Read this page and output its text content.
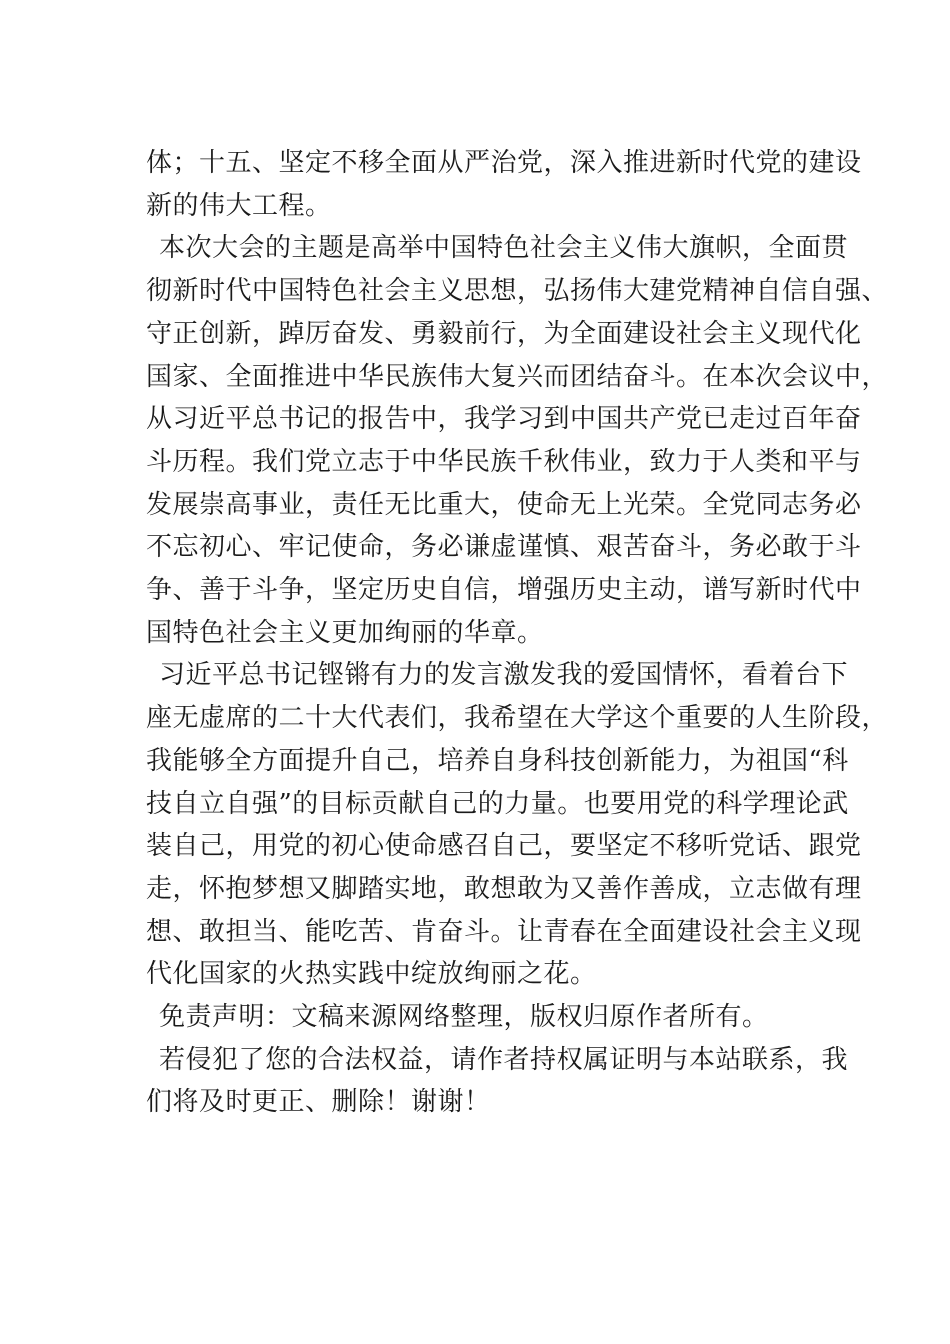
体；十五、坚定不移全面从严治党，深入推进新时代党的建设
新的伟大工程。

本次大会的主题是高举中国特色社会主义伟大旗帜，全面贯
彻新时代中国特色社会主义思想，弘扬伟大建党精神自信自强、
守正创新，踔厉奋发、勇毅前行，为全面建设社会主义现代化
国家、全面推进中华民族伟大复兴而团结奋斗。在本次会议中，
从习近平总书记的报告中，我学习到中国共产党已走过百年奋
斗历程。我们党立志于中华民族千秋伟业，致力于人类和平与
发展崇高事业，责任无比重大，使命无上光荣。全党同志务必
不忘初心、牢记使命，务必谦虚谨慎、艰苦奋斗，务必敢于斗
争、善于斗争，坚定历史自信，增强历史主动，谱写新时代中
国特色社会主义更加绚丽的华章。

习近平总书记铿锵有力的发言激发我的爱国情怀，看着台下
座无虚席的二十大代表们，我希望在大学这个重要的人生阶段，
我能够全方面提升自己，培养自身科技创新能力，为祖国“科
技自立自强”的目标贡献自己的力量。也要用党的科学理论武
装自己，用党的初心使命感召自己，要坚定不移听党话、跟党
走，怀抱梦想又脚踏实地，敢想敢为又善作善成，立志做有理
想、敢担当、能吃苦、肯奋斗。让青春在全面建设社会主义现
代化国家的火热实践中绽放绚丽之花。

免责声明：文稿来源网络整理，版权归原作者所有。

若侵犯了您的合法权益，请作者持权属证明与本站联系，我
们将及时更正、删除！谢谢！
